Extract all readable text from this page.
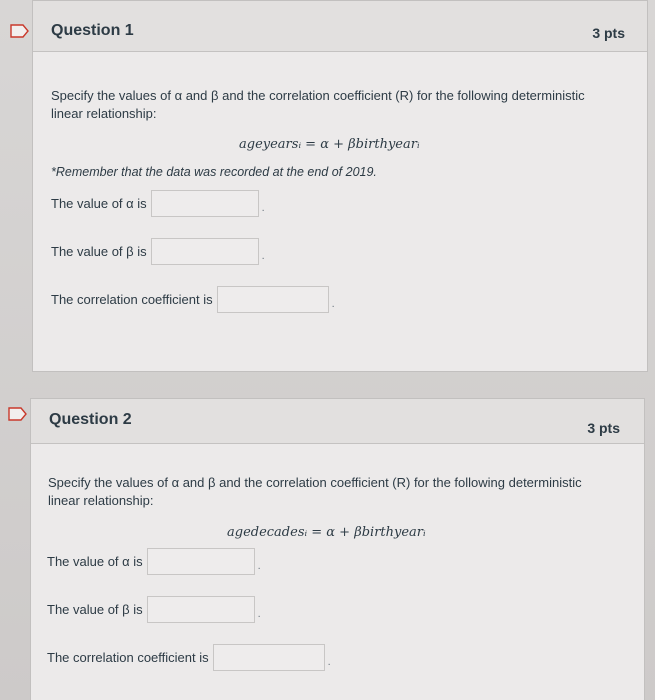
Question 1	3 pts
Specify the values of α and β and the correlation coefficient (R) for the following deterministic linear relationship:
ageyearsᵢ = α + βbirthyearᵢ
*Remember that the data was recorded at the end of 2019.
The value of α is	.
The value of β is	.
The correlation coefficient is	.
Question 2	3 pts
Specify the values of α and β and the correlation coefficient (R) for the following deterministic linear relationship:
agedecadesᵢ = α + βbirthyearᵢ
The value of α is	.
The value of β is	.
The correlation coefficient is	.
